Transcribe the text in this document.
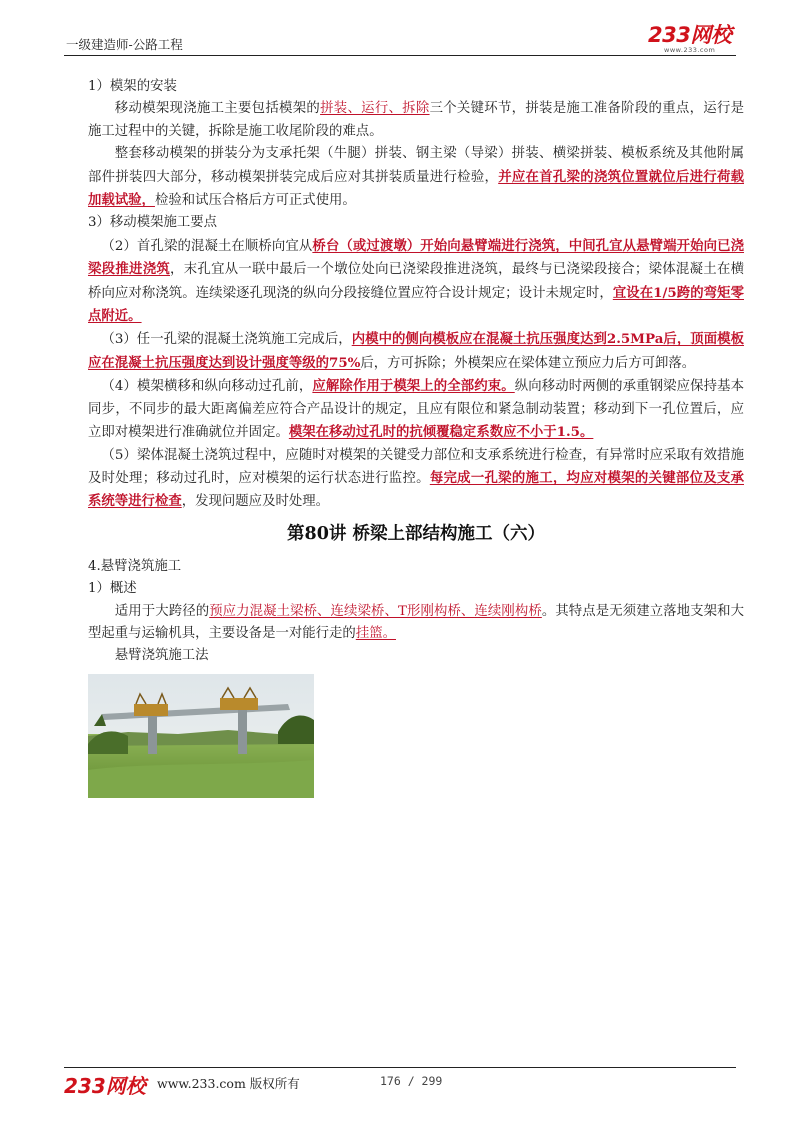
一级建造师-公路工程	233网校
www.233.com

1）模架的安装

移动模架现浇施工主要包括模架的拼装、运行、拆除三个关键环节，拼装是施工准备阶段的重点，运行是施工过程中的关键，拆除是施工收尾阶段的难点。

整套移动模架的拼装分为支承托架（牛腿）拼装、钢主梁（导梁）拼装、横梁拼装、模板系统及其他附属部件拼装四大部分，移动模架拼装完成后应对其拼装质量进行检验，并应在首孔梁的浇筑位置就位后进行荷载加载试验，检验和试压合格后方可正式使用。

3）移动模架施工要点

（2）首孔梁的混凝土在顺桥向宜从桥台（或过渡墩）开始向悬臂端进行浇筑，中间孔宜从悬臂端开始向已浇梁段推进浇筑，末孔宜从一联中最后一个墩位处向已浇梁段推进浇筑，最终与已浇梁段接合；梁体混凝土在横桥向应对称浇筑。连续梁逐孔现浇的纵向分段接缝位置应符合设计规定；设计未规定时，宜设在1/5跨的弯矩零点附近。

（3）任一孔梁的混凝土浇筑施工完成后，内模中的侧向模板应在混凝土抗压强度达到2.5MPa后，顶面模板应在混凝土抗压强度达到设计强度等级的75%后，方可拆除；外模架应在梁体建立预应力后方可卸落。

（4）模架横移和纵向移动过孔前，应解除作用于模架上的全部约束。纵向移动时两侧的承重钢梁应保持基本同步，不同步的最大距离偏差应符合产品设计的规定，且应有限位和紧急制动装置；移动到下一孔位置后，应立即对模架进行准确就位并固定。模架在移动过孔时的抗倾覆稳定系数应不小于1.5。

（5）梁体混凝土浇筑过程中，应随时对模架的关键受力部位和支承系统进行检查，有异常时应采取有效措施及时处理；移动过孔时，应对模架的运行状态进行监控。每完成一孔梁的施工，均应对模架的关键部位及支承系统等进行检查，发现问题应及时处理。

第80讲 桥梁上部结构施工（六）

4.悬臂浇筑施工

1）概述

适用于大跨径的预应力混凝土梁桥、连续梁桥、T形刚构桥、连续刚构桥。其特点是无须建立落地支架和大型起重与运输机具，主要设备是一对能行走的挂篮。

悬臂浇筑施工法

233网校 www.233.com 版权所有	176 / 299
